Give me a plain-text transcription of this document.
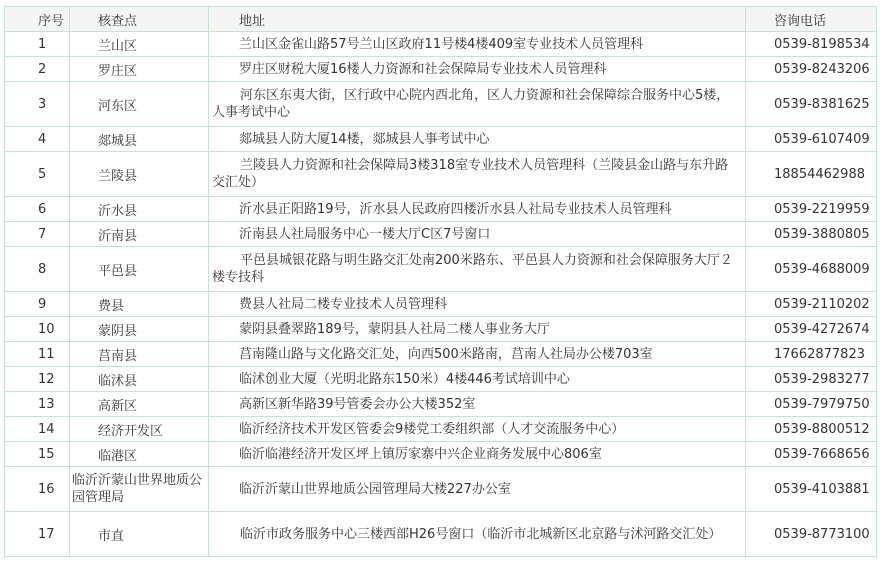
序号	核查点	地址	咨询电话
1	兰山区	兰山区金雀山路57号兰山区政府11号楼4楼409室专业技术人员管理科	0539-8198534
2	罗庄区	罗庄区财税大厦16楼人力资源和社会保障局专业技术人员管理科	0539-8243206
3	河东区	河东区东夷大街，区行政中心院内西北角，区人力资源和社会保障综合服务中心5楼，人事考试中心	0539-8381625
4	郯城县	郯城县人防大厦14楼，郯城县人事考试中心	0539-6107409
5	兰陵县	兰陵县人力资源和社会保障局3楼318室专业技术人员管理科（兰陵县金山路与东升路交汇处）	18854462988
6	沂水县	沂水县正阳路19号，沂水县人民政府四楼沂水县人社局专业技术人员管理科	0539-2219959
7	沂南县	沂南县人社局服务中心一楼大厅C区7号窗口	0539-3880805
8	平邑县	平邑县城银花路与明生路交汇处南200米路东、平邑县人力资源和社会保障服务大厅２楼专技科	0539-4688009
9	费县	费县人社局二楼专业技术人员管理科	0539-2110202
10	蒙阴县	蒙阴县叠翠路189号，蒙阴县人社局二楼人事业务大厅	0539-4272674
11	莒南县	莒南隆山路与文化路交汇处，向西500米路南，莒南人社局办公楼703室	17662877823
12	临沭县	临沭创业大厦（光明北路东150米）4楼446考试培训中心	0539-2983277
13	高新区	高新区新华路39号管委会办公大楼352室	0539-7979750
14	经济开发区	临沂经济技术开发区管委会9楼党工委组织部（人才交流服务中心）	0539-8800512
15	临港区	临沂临港经济开发区坪上镇厉家寨中兴企业商务发展中心806室	0539-7668656
16	临沂沂蒙山世界地质公园管理局	临沂沂蒙山世界地质公园管理局大楼227办公室	0539-4103881
17	市直	临沂市政务服务中心三楼西部H26号窗口（临沂市北城新区北京路与沭河路交汇处）	0539-8773100
